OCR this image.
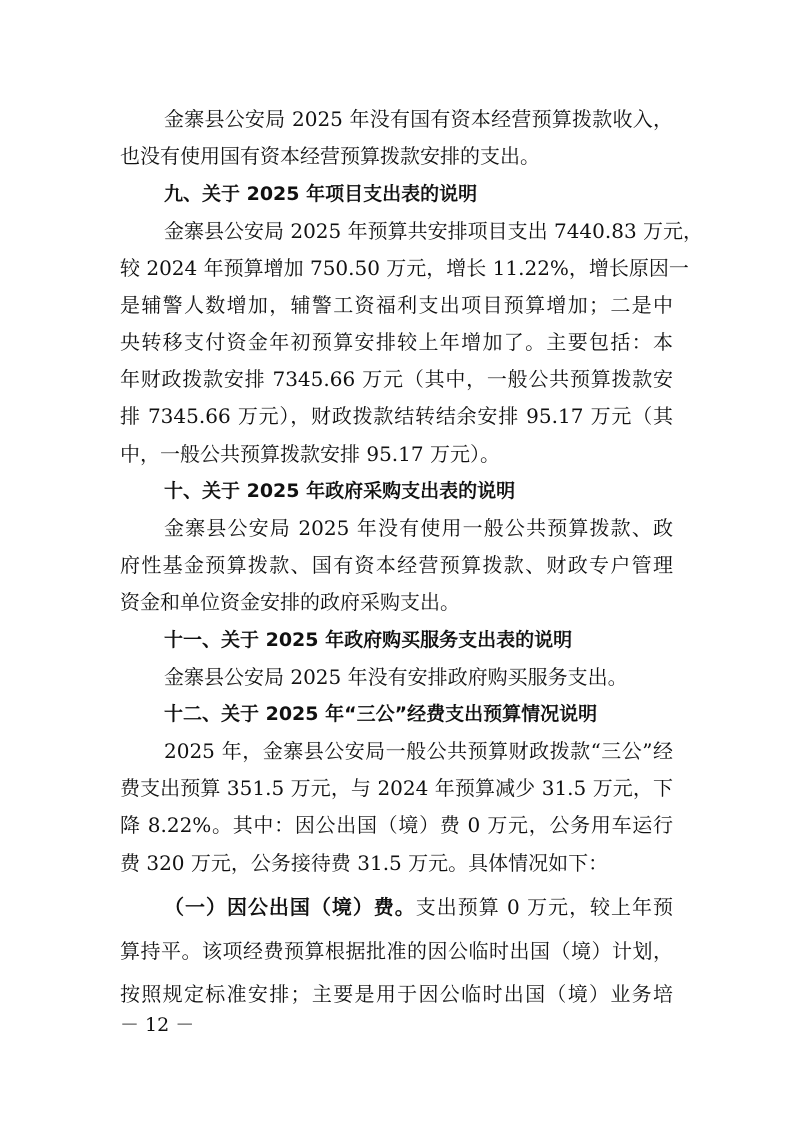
金寨县公安局 2025 年没有国有资本经营预算拨款收入，
也没有使用国有资本经营预算拨款安排的支出。
九、关于 2025 年项目支出表的说明
金寨县公安局 2025 年预算共安排项目支出 7440.83 万元，
较 2024 年预算增加 750.50 万元，增长 11.22%，增长原因一
是辅警人数增加，辅警工资福利支出项目预算增加；二是中
央转移支付资金年初预算安排较上年增加了。主要包括：本
年财政拨款安排 7345.66 万元（其中，一般公共预算拨款安
排 7345.66 万元），财政拨款结转结余安排 95.17 万元（其
中，一般公共预算拨款安排 95.17 万元）。
十、关于 2025 年政府采购支出表的说明
金寨县公安局 2025 年没有使用一般公共预算拨款、政
府性基金预算拨款、国有资本经营预算拨款、财政专户管理
资金和单位资金安排的政府采购支出。
十一、关于 2025 年政府购买服务支出表的说明
金寨县公安局 2025 年没有安排政府购买服务支出。
十二、关于 2025 年“三公”经费支出预算情况说明
2025 年，金寨县公安局一般公共预算财政拨款“三公”经
费支出预算 351.5 万元，与 2024 年预算减少 31.5 万元，下
降 8.22%。其中：因公出国（境）费 0 万元，公务用车运行
费 320 万元，公务接待费 31.5 万元。具体情况如下：
（一）因公出国（境）费。支出预算 0 万元，较上年预
算持平。该项经费预算根据批准的因公临时出国（境）计划，
按照规定标准安排；主要是用于因公临时出国（境）业务培
－ 12 －
